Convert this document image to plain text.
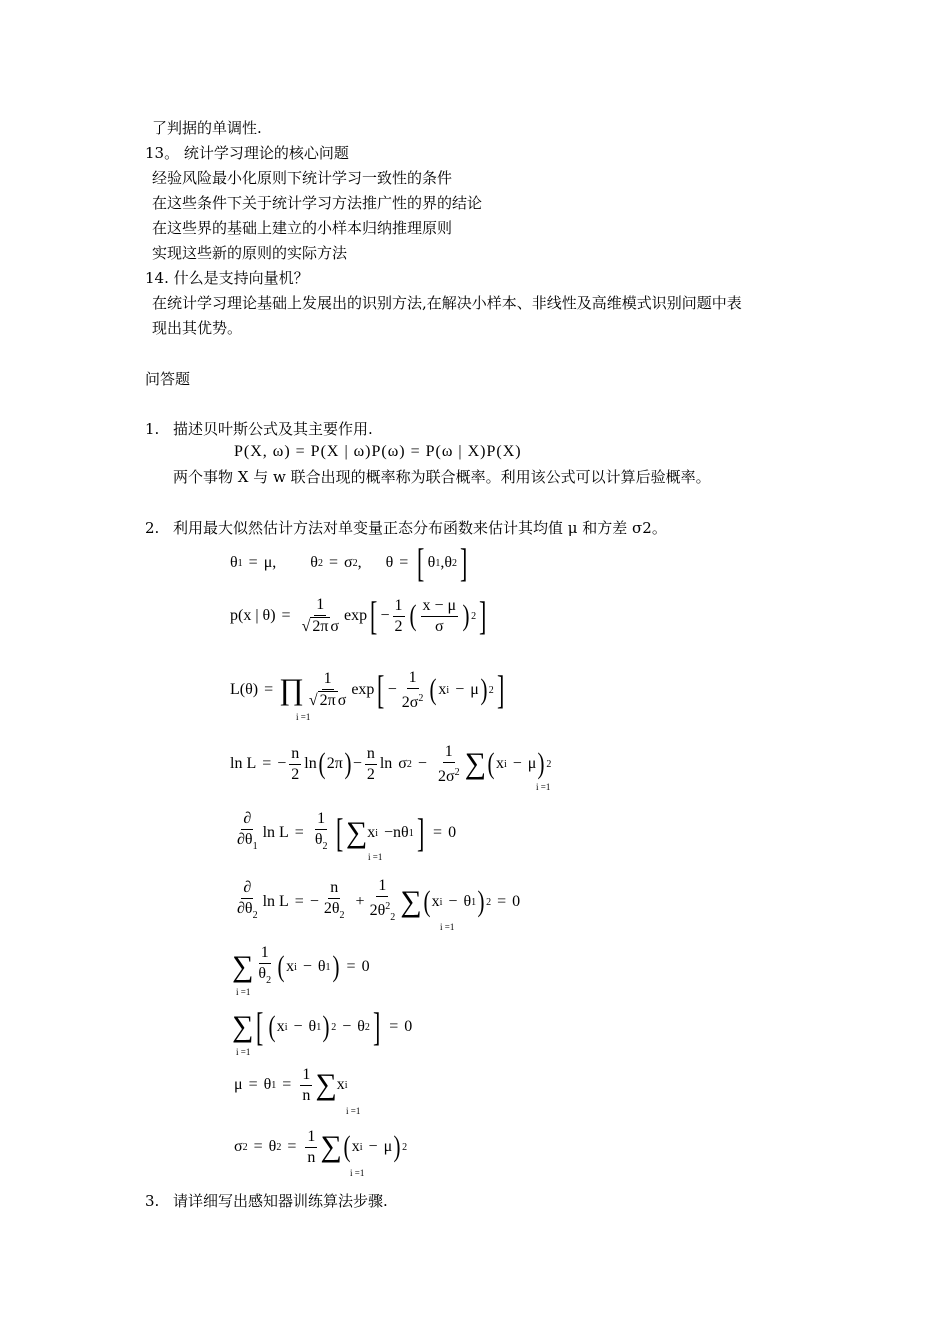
了判据的单调性.
13。 统计学习理论的核心问题
经验风险最小化原则下统计学习一致性的条件
在这些条件下关于统计学习方法推广性的界的结论
在这些界的基础上建立的小样本归纳推理原则
实现这些新的原则的实际方法
14. 什么是支持向量机？
在统计学习理论基础上发展出的识别方法,在解决小样本、非线性及高维模式识别问题中表
现出其优势。
问答题
1. 描述贝叶斯公式及其主要作用.
P(X, ω) = P(X | ω)P(ω) = P(ω | X)P(X)
两个事物 X 与 w 联合出现的概率称为联合概率。利用该公式可以计算后验概率。
2. 利用最大似然估计方法对单变量正态分布函数来估计其均值 μ 和方差 σ2。
θ 1 = μ , θ 2 = σ 2 , θ = [ θ 1 , θ 2 ]
p(x | $\theta) = \frac{1}{\text{√ 2π σ}}$ exp [ − $\frac{1}{2}$ ( $\frac{x - \mu}{\sigma}$ ) 2 ]
L(θ) = ∏ $\frac{1}{\text{√ 2π σ}}$ exp [ − $\frac{1}{2\sigma^2}$ ( x i − μ ) 2 ]
i =1
ln L = − $\frac{n}{2}$ ln ( 2π ) − $\frac{n}{2}$ ln σ $2 - \frac{1}{2\sigma^2}$ ∑ ( x i − μ ) 2
i =1
$\frac{\partial}{\partial\theta_1}$ $\ln L = \frac{1}{\theta_2}$ [ ∑ x i − n θ 1 ] = 0
i =1
$\frac{\partial}{\partial\theta_2}$ ln L = − $\frac{n}{2\theta_2} + \frac{1}{2\theta^2_2}$ ∑ ( x i − θ 1 ) 2 = 0
i =1
∑ $\frac{1}{\theta_2}$ ( x i − θ 1 ) = 0
i =1
∑ [ ( x i − θ 1 ) 2 − θ 2 ] = 0
i =1
μ = θ $1 = \frac{1}{n}$ ∑ x i
i =1
σ 2 = θ $2 = \frac{1}{n}$ ∑ ( x i − μ ) 2
i =1
3. 请详细写出感知器训练算法步骤.
